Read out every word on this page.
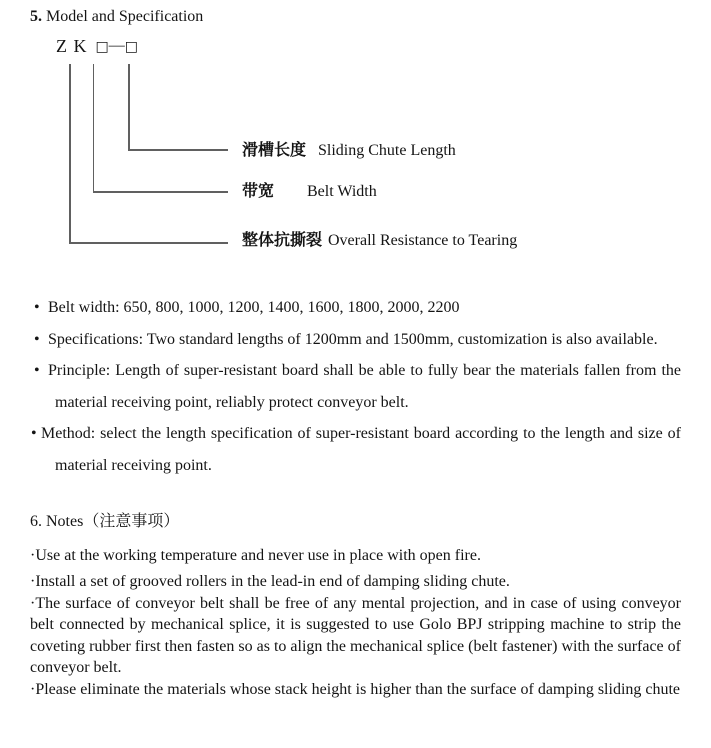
5. Model and Specification
Z K □—□
滑槽长度 Sliding Chute Length
带宽 Belt Width
整体抗撕裂 Overall Resistance to Tearing
• Belt width: 650, 800, 1000, 1200, 1400, 1600, 1800, 2000, 2200
• Specifications: Two standard lengths of 1200mm and 1500mm, customization is also available.
• Principle: Length of super-resistant board shall be able to fully bear the materials fallen from the material receiving point, reliably protect conveyor belt.
• Method: select the length specification of super-resistant board according to the length and size of material receiving point.
6. Notes（注意事项）

·Use at the working temperature and never use in place with open fire.

·Install a set of grooved rollers in the lead-in end of damping sliding chute.

·The surface of conveyor belt shall be free of any mental projection, and in case of using conveyor belt connected by mechanical splice, it is suggested to use Golo BPJ stripping machine to strip the coveting rubber first then fasten so as to align the mechanical splice (belt fastener) with the surface of conveyor belt.

·Please eliminate the materials whose stack height is higher than the surface of damping sliding chute
